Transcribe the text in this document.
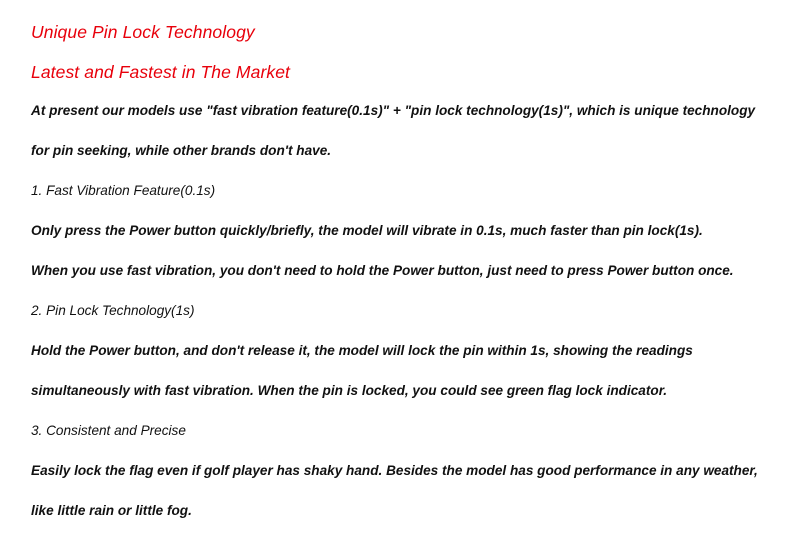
Unique Pin Lock Technology
Latest and Fastest in The Market
At present our models use "fast vibration feature(0.1s)" + "pin lock technology(1s)", which is unique technology
for pin seeking, while other brands don't have.
1. Fast Vibration Feature(0.1s)
Only press the Power button quickly/briefly, the model will vibrate in 0.1s, much faster than pin lock(1s).
When you use fast vibration, you don't need to hold the Power button, just need to press Power button once.
2. Pin Lock Technology(1s)
Hold the Power button, and don't release it, the model will lock the pin within 1s, showing the readings
simultaneously with fast vibration. When the pin is locked, you could see green flag lock indicator.
3. Consistent and Precise
Easily lock the flag even if golf player has shaky hand. Besides the model has good performance in any weather,
like little rain or little fog.
